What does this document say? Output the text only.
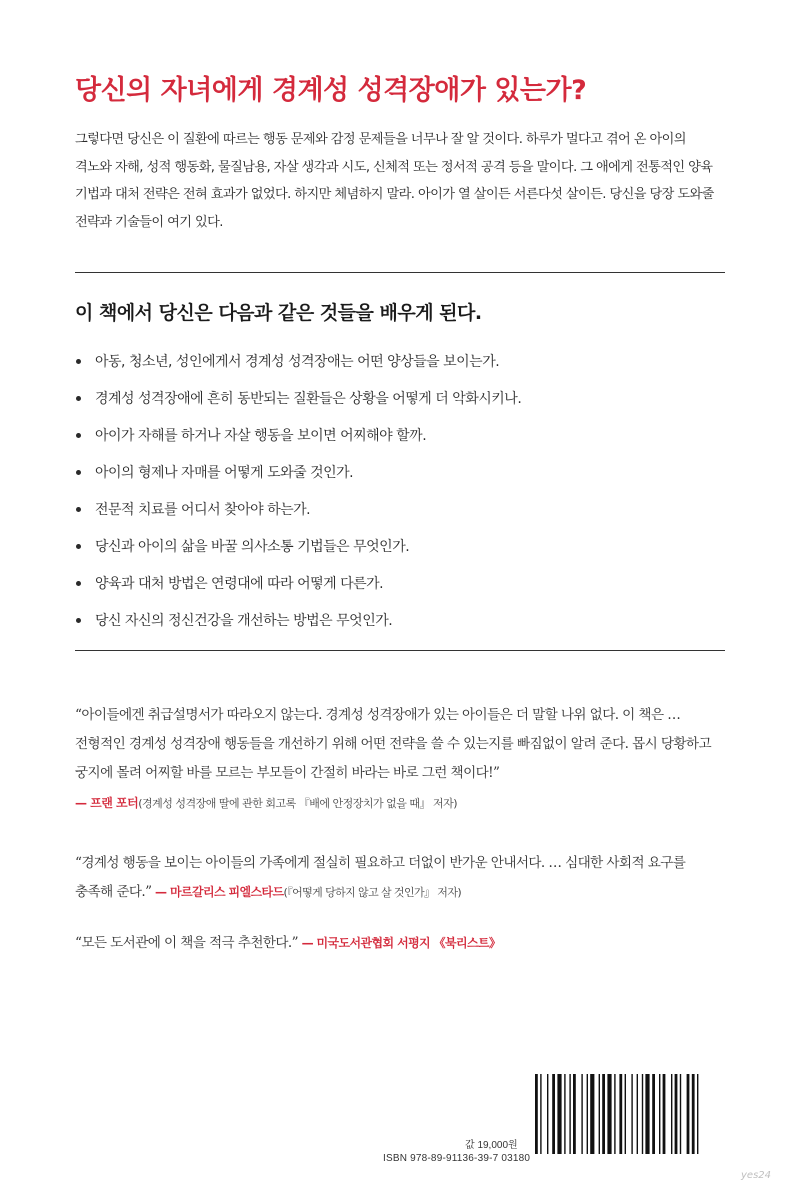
당신의 자녀에게 경계성 성격장애가 있는가?

그렇다면 당신은 이 질환에 따르는 행동 문제와 감정 문제들을 너무나 잘 알 것이다. 하루가 멀다고 겪어 온 아이의 격노와 자해, 성적 행동화, 물질남용, 자살 생각과 시도, 신체적 또는 정서적 공격 등을 말이다. 그 애에게 전통적인 양육 기법과 대처 전략은 전혀 효과가 없었다. 하지만 체념하지 말라. 아이가 열 살이든 서른다섯 살이든. 당신을 당장 도와줄 전략과 기술들이 여기 있다.

이 책에서 당신은 다음과 같은 것들을 배우게 된다.
아동, 청소년, 성인에게서 경계성 성격장애는 어떤 양상들을 보이는가.
경계성 성격장애에 흔히 동반되는 질환들은 상황을 어떻게 더 악화시키나.
아이가 자해를 하거나 자살 행동을 보이면 어찌해야 할까.
아이의 형제나 자매를 어떻게 도와줄 것인가.
전문적 치료를 어디서 찾아야 하는가.
당신과 아이의 삶을 바꿀 의사소통 기법들은 무엇인가.
양육과 대처 방법은 연령대에 따라 어떻게 다른가.
당신 자신의 정신건강을 개선하는 방법은 무엇인가.

“아이들에겐 취급설명서가 따라오지 않는다. 경계성 성격장애가 있는 아이들은 더 말할 나위 없다. 이 책은 … 전형적인 경계성 성격장애 행동들을 개선하기 위해 어떤 전략을 쓸 수 있는지를 빠짐없이 알려 준다. 몹시 당황하고 궁지에 몰려 어찌할 바를 모르는 부모들이 간절히 바라는 바로 그런 책이다!”

— 프랜 포터(경계성 성격장애 딸에 관한 회고록 『배에 안정장치가 없을 때』 저자)

“경계성 행동을 보이는 아이들의 가족에게 절실히 필요하고 더없이 반가운 안내서다. … 심대한 사회적 요구를 충족해 준다.” — 마르갈리스 피엘스타드(『어떻게 당하지 않고 살 것인가』 저자)

“모든 도서관에 이 책을 적극 추천한다.” — 미국도서관협회 서평지 《북리스트》

값 19,000원
ISBN 978-89-91136-39-7 03180
yes24
